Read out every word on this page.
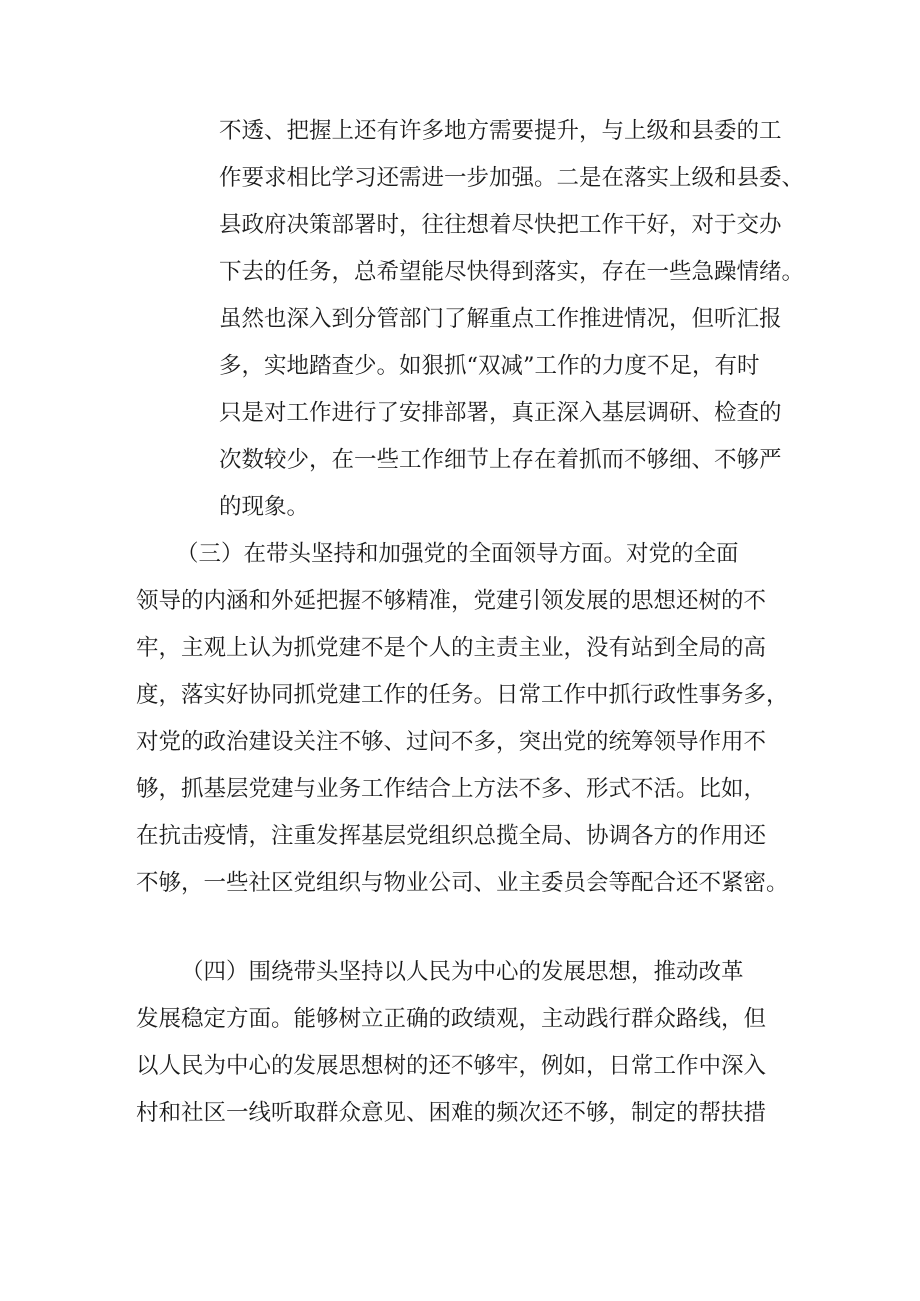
不透、把握上还有许多地方需要提升，与上级和县委的工

作要求相比学习还需进一步加强。二是在落实上级和县委、

县政府决策部署时，往往想着尽快把工作干好，对于交办

下去的任务，总希望能尽快得到落实，存在一些急躁情绪。

虽然也深入到分管部门了解重点工作推进情况，但听汇报

多，实地踏查少。如狠抓“双减”工作的力度不足，有时

只是对工作进行了安排部署，真正深入基层调研、检查的

次数较少，在一些工作细节上存在着抓而不够细、不够严

的现象。

（三）在带头坚持和加强党的全面领导方面。对党的全面

领导的内涵和外延把握不够精准，党建引领发展的思想还树的不

牢，主观上认为抓党建不是个人的主责主业，没有站到全局的高

度，落实好协同抓党建工作的任务。日常工作中抓行政性事务多，

对党的政治建设关注不够、过问不多，突出党的统筹领导作用不

够，抓基层党建与业务工作结合上方法不多、形式不活。比如，

在抗击疫情，注重发挥基层党组织总揽全局、协调各方的作用还

不够，一些社区党组织与物业公司、业主委员会等配合还不紧密。

（四）围绕带头坚持以人民为中心的发展思想，推动改革

发展稳定方面。能够树立正确的政绩观，主动践行群众路线，但

以人民为中心的发展思想树的还不够牢，例如，日常工作中深入

村和社区一线听取群众意见、困难的频次还不够，制定的帮扶措
